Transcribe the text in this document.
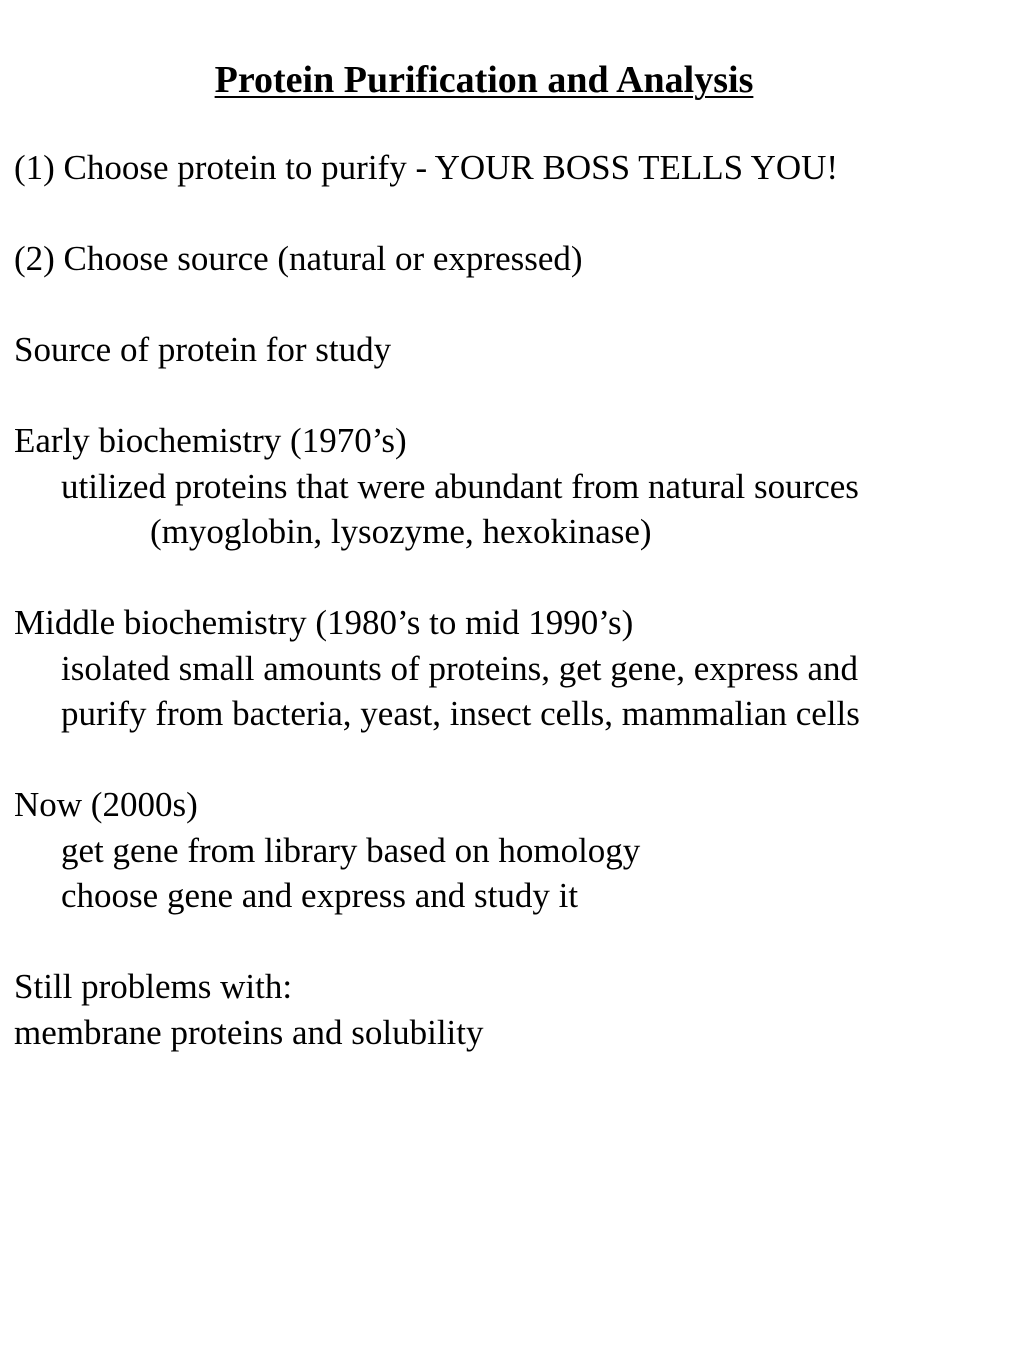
Protein Purification and Analysis
(1) Choose protein to purify - YOUR BOSS TELLS YOU!
(2) Choose source (natural or expressed)
Source of protein for study
Early biochemistry (1970’s)
utilized proteins that were abundant from natural sources
(myoglobin, lysozyme, hexokinase)
Middle biochemistry (1980’s to mid 1990’s)
isolated small amounts of proteins, get gene, express and
purify from bacteria, yeast, insect cells, mammalian cells
Now (2000s)
get gene from library based on homology
choose gene and express and study it
Still problems with:
membrane proteins and solubility
